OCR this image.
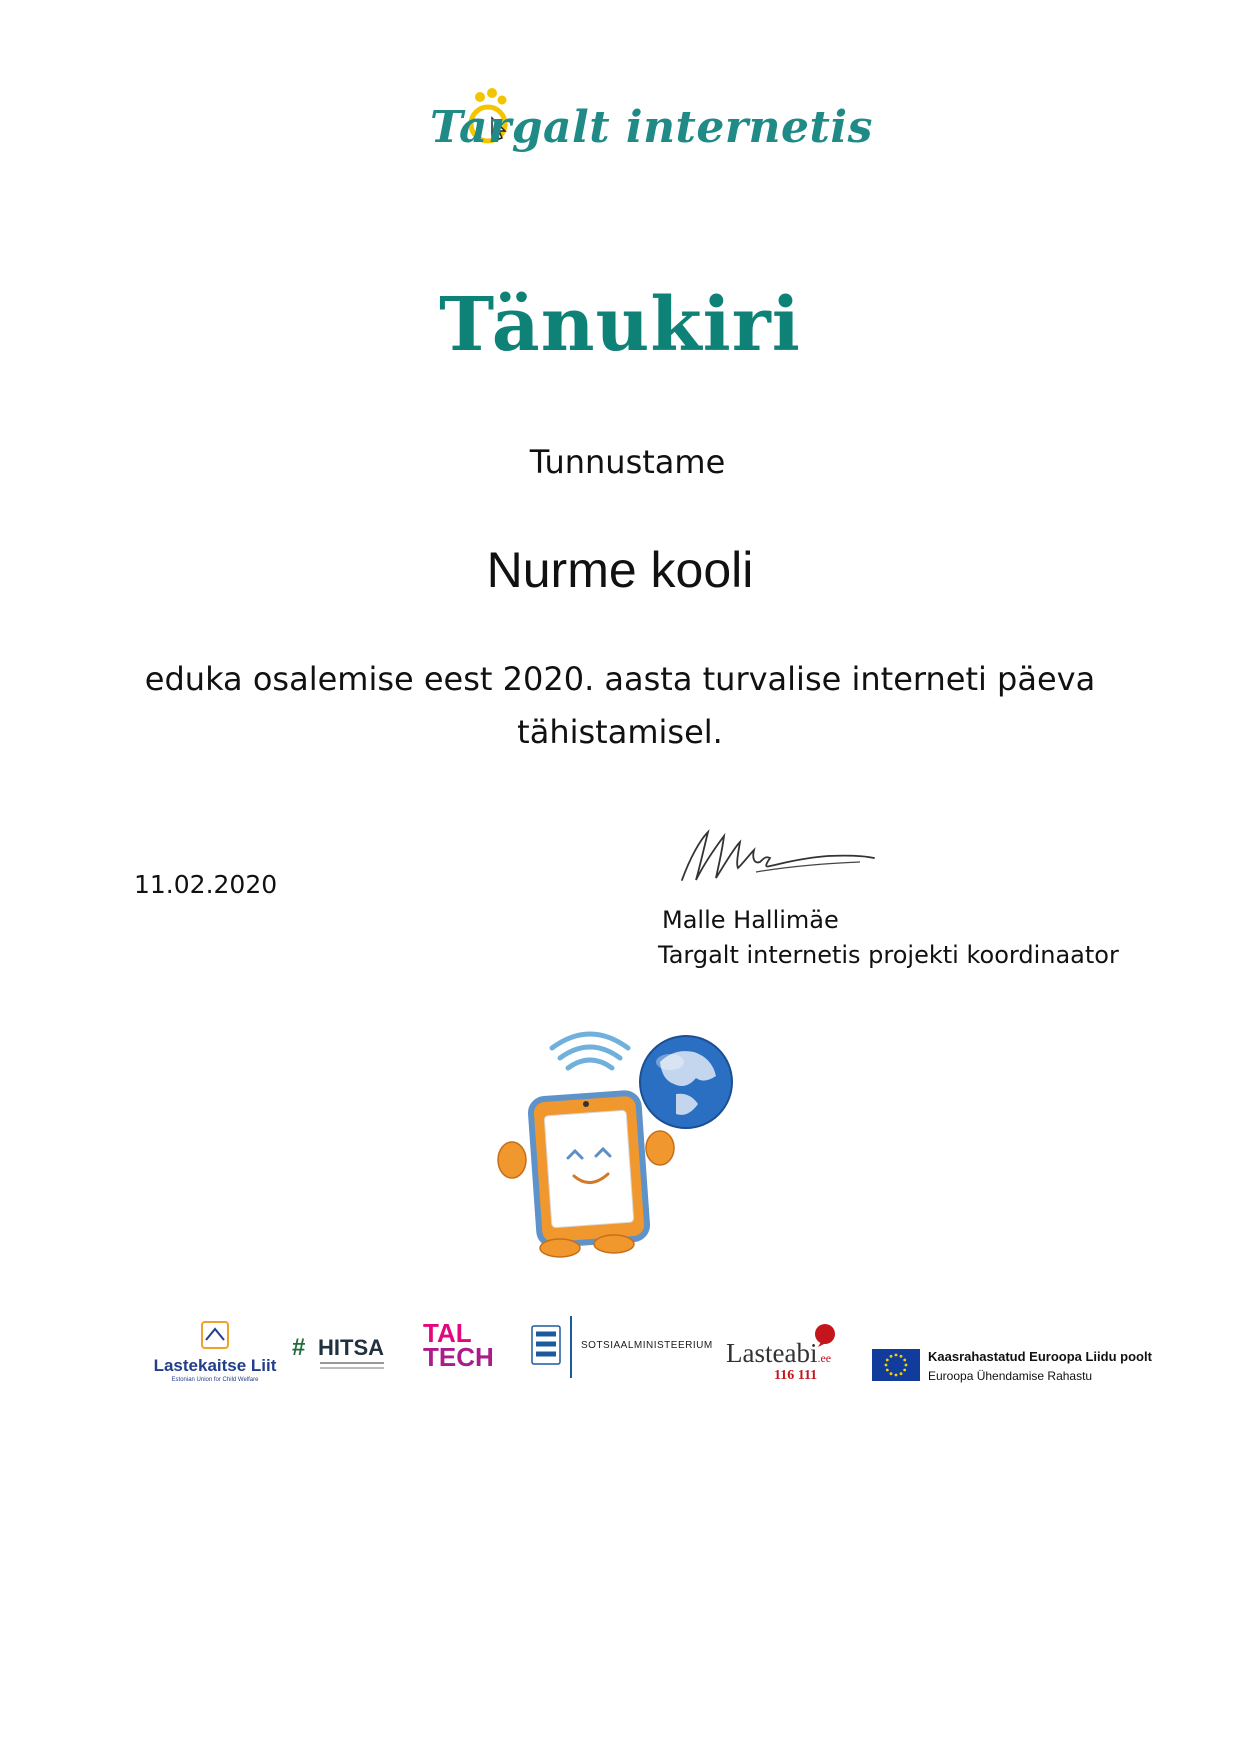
Targalt internetis
Tänukiri
Tunnustame
Nurme kooli
eduka osalemise eest 2020. aasta turvalise interneti päeva tähistamisel.
11.02.2020
Malle Hallimäe
Targalt internetis projekti koordinaator
Lastekaitse Liit
Estonian Union for Child Welfare
# HITSA TAL
TECH	SOTSIAALMINISTEERIUM Lasteabi.ee
116 111
Kaasrahastatud Euroopa Liidu poolt
Euroopa Ühendamise Rahastu
